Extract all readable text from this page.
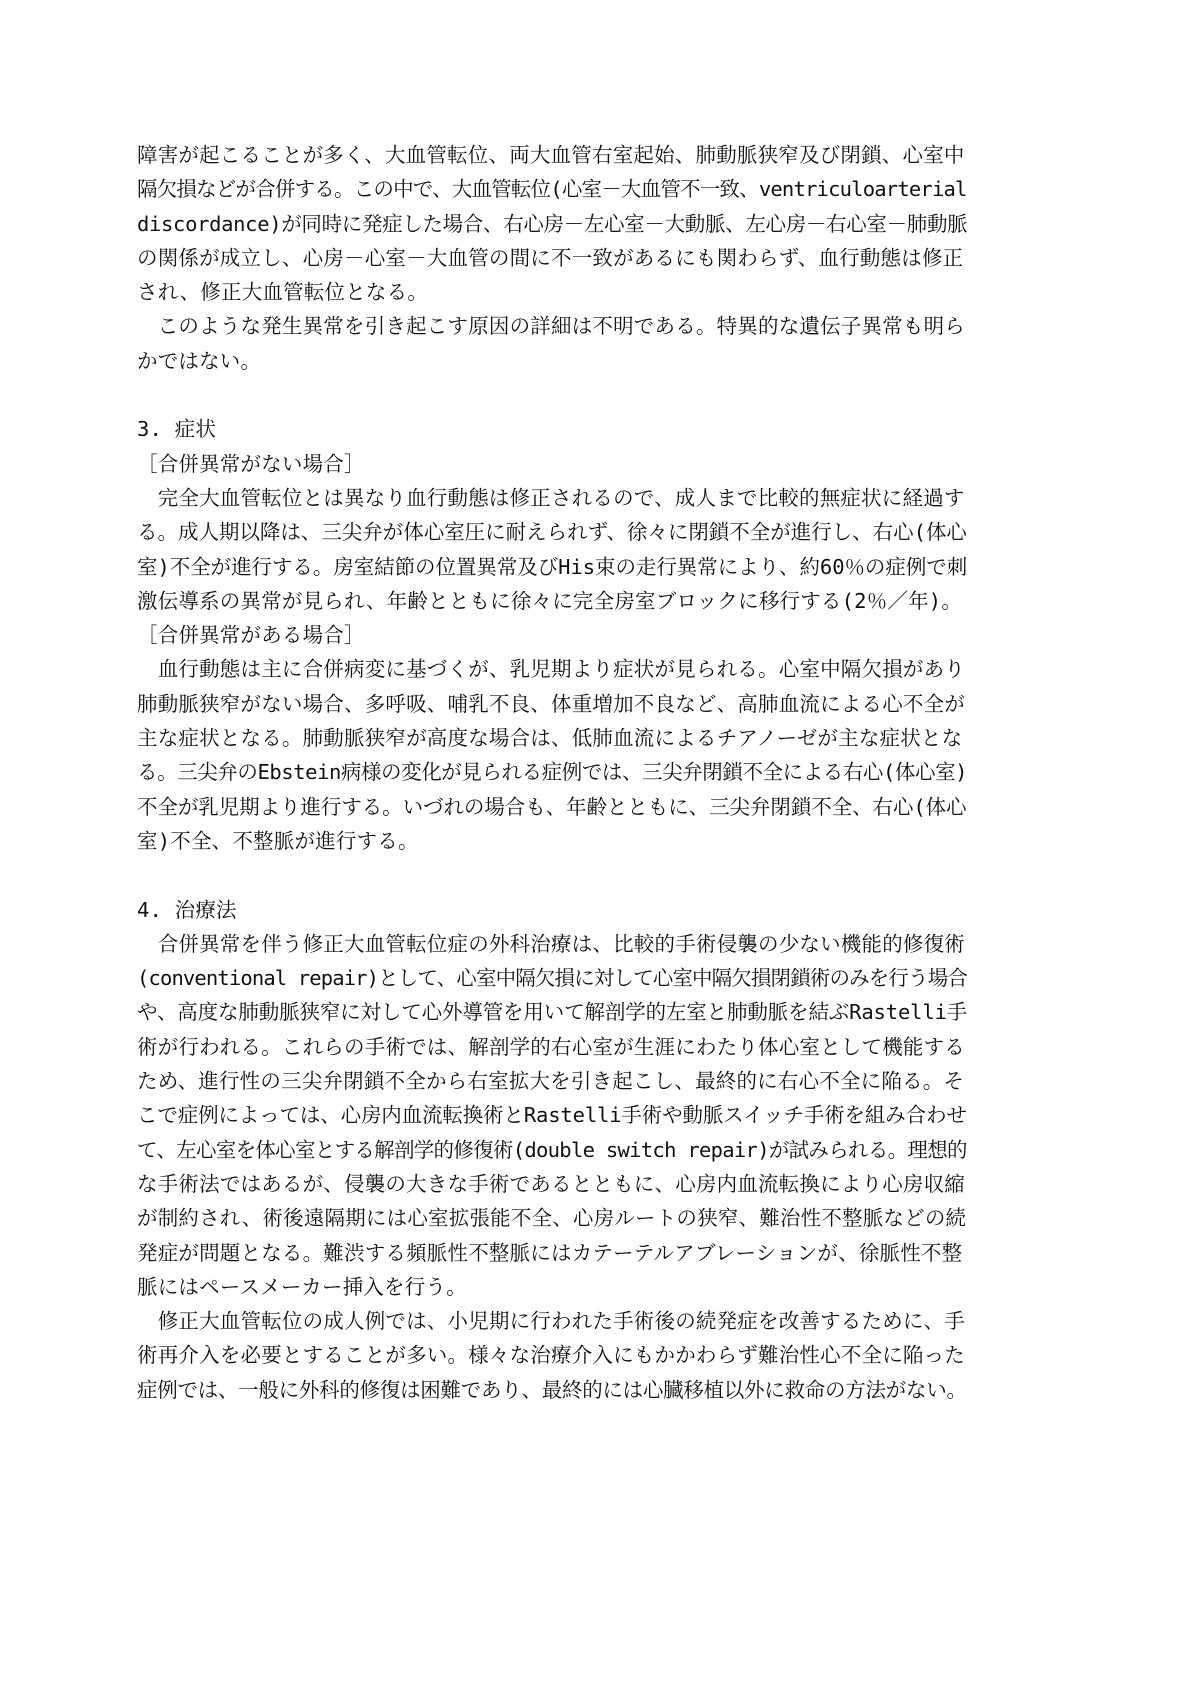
障害が起こることが多く、大血管転位、両大血管右室起始、肺動脈狭窄及び閉鎖、心室中
隔欠損などが合併する。この中で、大血管転位(心室－大血管不一致、ventriculoarterial
discordance)が同時に発症した場合、右心房－左心室－大動脈、左心房－右心室－肺動脈
の関係が成立し、心房－心室－大血管の間に不一致があるにも関わらず、血行動態は修正
され、修正大血管転位となる。
　このような発生異常を引き起こす原因の詳細は不明である。特異的な遺伝子異常も明ら
かではない。
3. 症状
［合併異常がない場合］
　完全大血管転位とは異なり血行動態は修正されるので、成人まで比較的無症状に経過す
る。成人期以降は、三尖弁が体心室圧に耐えられず、徐々に閉鎖不全が進行し、右心(体心
室)不全が進行する。房室結節の位置異常及びHis束の走行異常により、約60％の症例で刺
激伝導系の異常が見られ、年齢とともに徐々に完全房室ブロックに移行する(2％／年)。
［合併異常がある場合］
　血行動態は主に合併病変に基づくが、乳児期より症状が見られる。心室中隔欠損があり
肺動脈狭窄がない場合、多呼吸、哺乳不良、体重増加不良など、高肺血流による心不全が
主な症状となる。肺動脈狭窄が高度な場合は、低肺血流によるチアノーゼが主な症状とな
る。三尖弁のEbstein病様の変化が見られる症例では、三尖弁閉鎖不全による右心(体心室)
不全が乳児期より進行する。いづれの場合も、年齢とともに、三尖弁閉鎖不全、右心(体心
室)不全、不整脈が進行する。
4. 治療法
　合併異常を伴う修正大血管転位症の外科治療は、比較的手術侵襲の少ない機能的修復術
(conventional repair)として、心室中隔欠損に対して心室中隔欠損閉鎖術のみを行う場合
や、高度な肺動脈狭窄に対して心外導管を用いて解剖学的左室と肺動脈を結ぶRastelli手
術が行われる。これらの手術では、解剖学的右心室が生涯にわたり体心室として機能する
ため、進行性の三尖弁閉鎖不全から右室拡大を引き起こし、最終的に右心不全に陥る。そ
こで症例によっては、心房内血流転換術とRastelli手術や動脈スイッチ手術を組み合わせ
て、左心室を体心室とする解剖学的修復術(double switch repair)が試みられる。理想的
な手術法ではあるが、侵襲の大きな手術であるとともに、心房内血流転換により心房収縮
が制約され、術後遠隔期には心室拡張能不全、心房ルートの狭窄、難治性不整脈などの続
発症が問題となる。難渋する頻脈性不整脈にはカテーテルアブレーションが、徐脈性不整
脈にはペースメーカー挿入を行う。
　修正大血管転位の成人例では、小児期に行われた手術後の続発症を改善するために、手
術再介入を必要とすることが多い。様々な治療介入にもかかわらず難治性心不全に陥った
症例では、一般に外科的修復は困難であり、最終的には心臓移植以外に救命の方法がない。
